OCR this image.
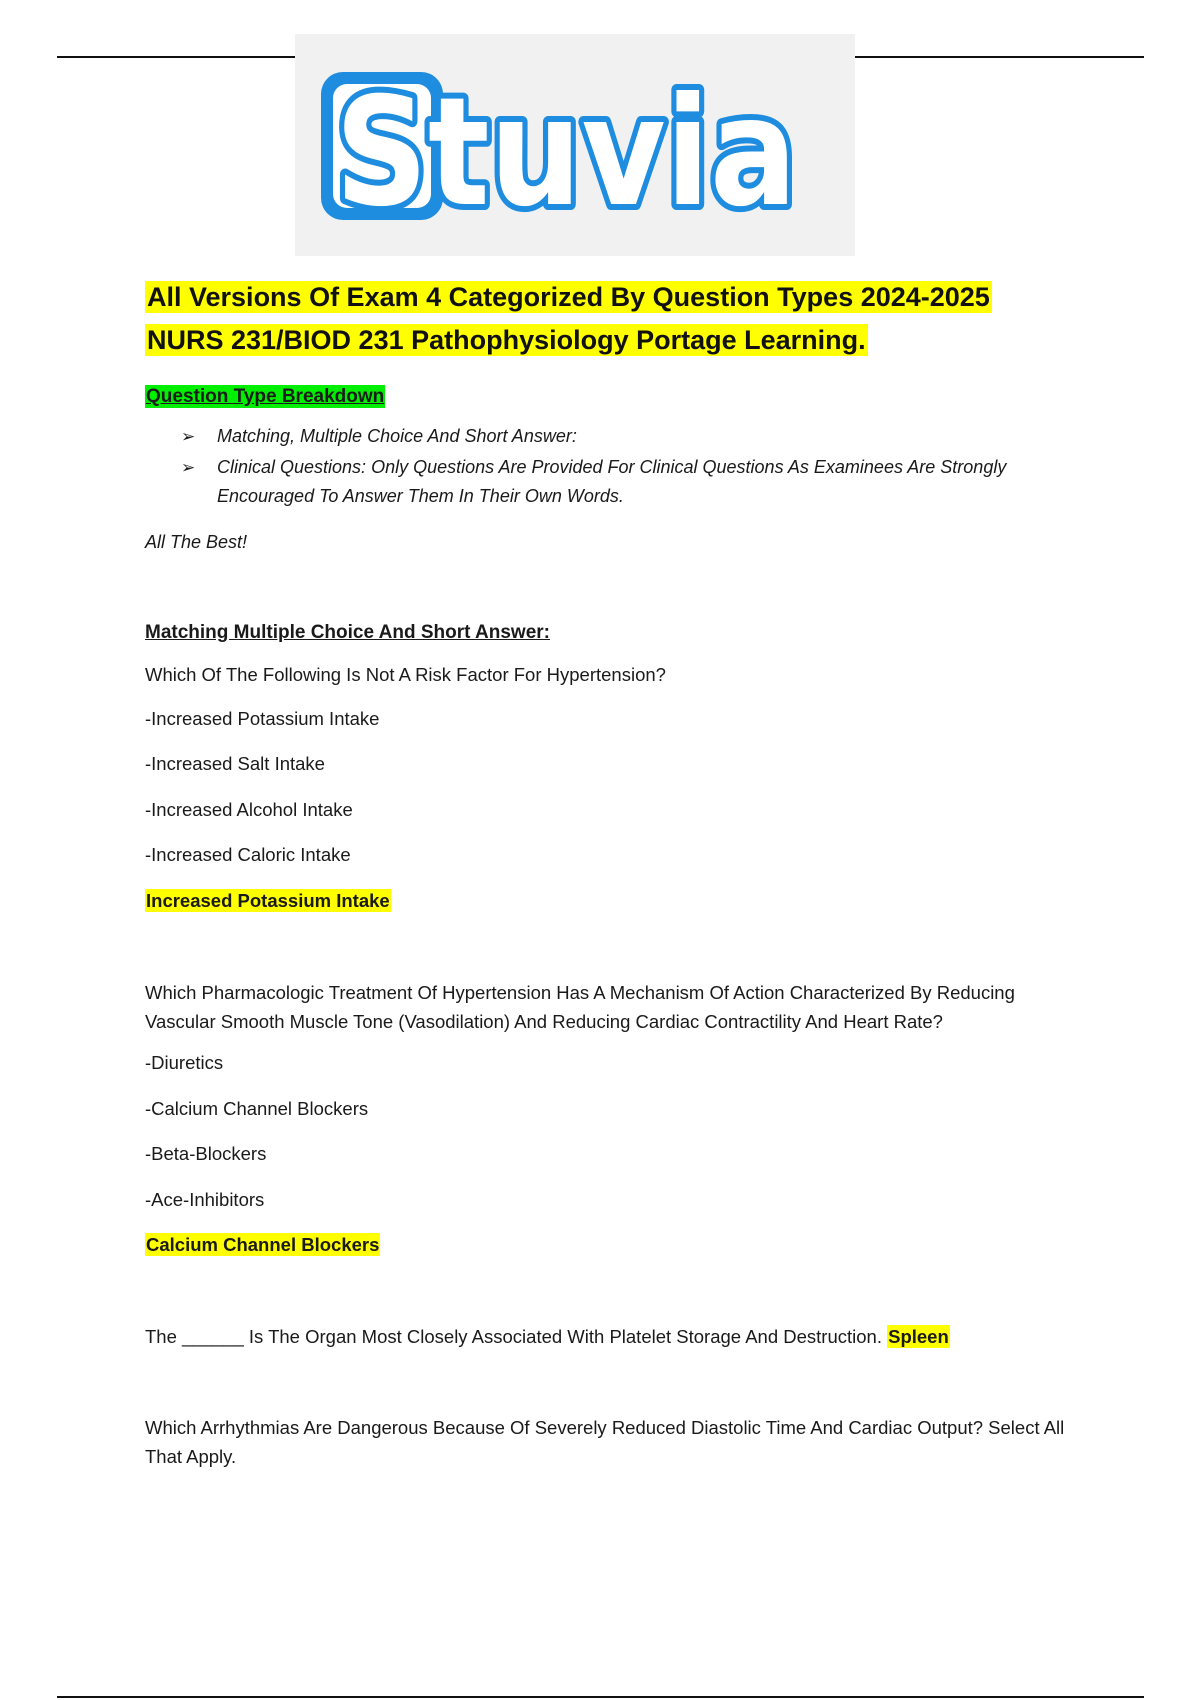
Stuvia
All Versions Of Exam 4 Categorized By Question Types 2024-2025
NURS 231/BIOD 231 Pathophysiology Portage Learning.
Question Type Breakdown
➢ Matching, Multiple Choice And Short Answer:
➢ Clinical Questions: Only Questions Are Provided For Clinical Questions As Examinees Are Strongly Encouraged To Answer Them In Their Own Words.
All The Best!
Matching Multiple Choice And Short Answer:

Which Of The Following Is Not A Risk Factor For Hypertension?

-Increased Potassium Intake

-Increased Salt Intake

-Increased Alcohol Intake

-Increased Caloric Intake

Increased Potassium Intake

Which Pharmacologic Treatment Of Hypertension Has A Mechanism Of Action Characterized By Reducing Vascular Smooth Muscle Tone (Vasodilation) And Reducing Cardiac Contractility And Heart Rate?

-Diuretics

-Calcium Channel Blockers

-Beta-Blockers

-Ace-Inhibitors

Calcium Channel Blockers

The ______ Is The Organ Most Closely Associated With Platelet Storage And Destruction. Spleen

Which Arrhythmias Are Dangerous Because Of Severely Reduced Diastolic Time And Cardiac Output? Select All That Apply.
